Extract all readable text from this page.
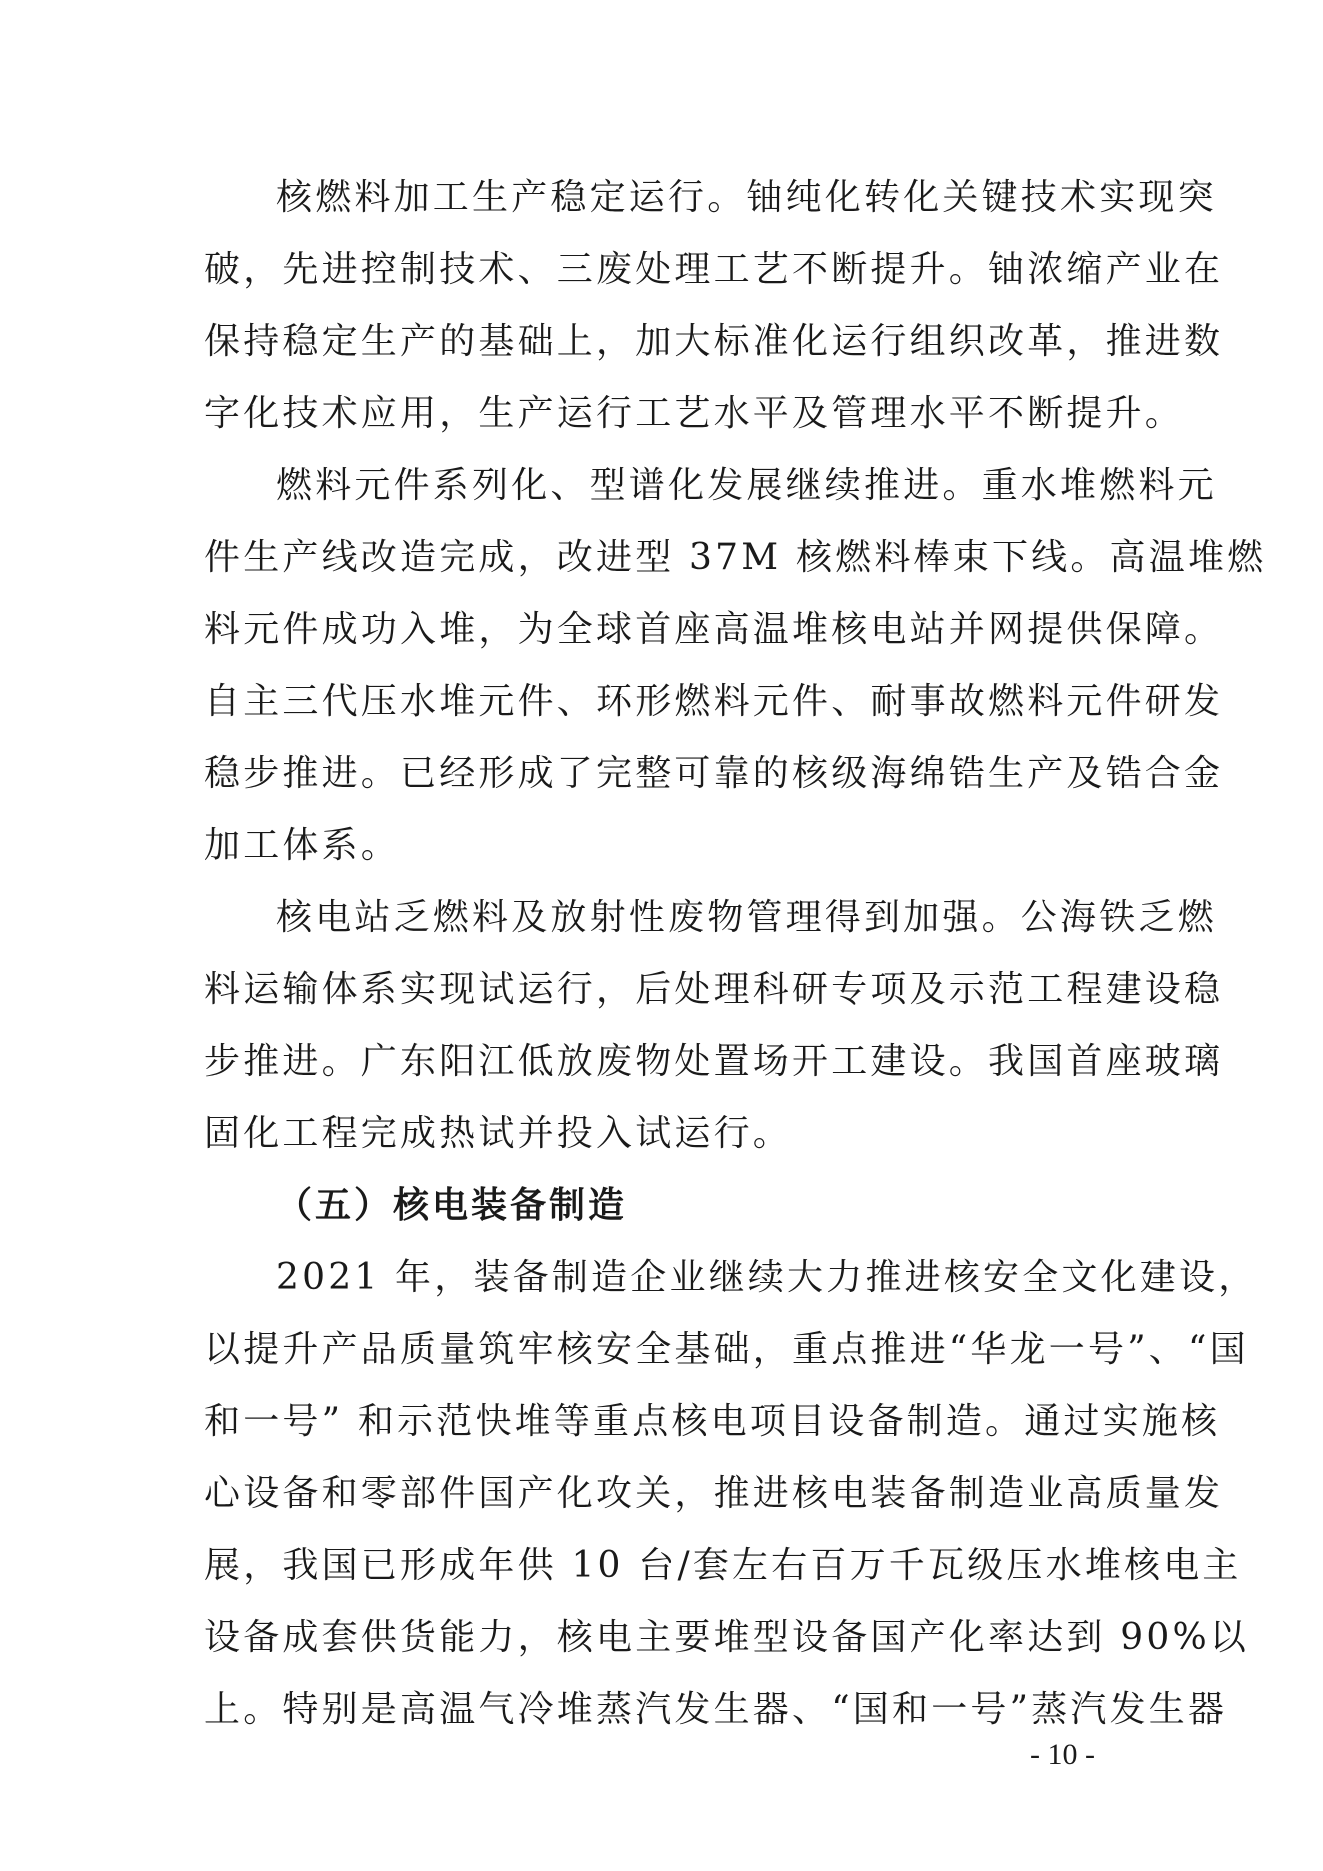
核燃料加工生产稳定运行。铀纯化转化关键技术实现突
破，先进控制技术、三废处理工艺不断提升。铀浓缩产业在
保持稳定生产的基础上，加大标准化运行组织改革，推进数
字化技术应用，生产运行工艺水平及管理水平不断提升。
燃料元件系列化、型谱化发展继续推进。重水堆燃料元
件生产线改造完成，改进型 37M 核燃料棒束下线。高温堆燃
料元件成功入堆，为全球首座高温堆核电站并网提供保障。
自主三代压水堆元件、环形燃料元件、耐事故燃料元件研发
稳步推进。已经形成了完整可靠的核级海绵锆生产及锆合金
加工体系。
核电站乏燃料及放射性废物管理得到加强。公海铁乏燃
料运输体系实现试运行，后处理科研专项及示范工程建设稳
步推进。广东阳江低放废物处置场开工建设。我国首座玻璃
固化工程完成热试并投入试运行。
（五）核电装备制造
2021 年，装备制造企业继续大力推进核安全文化建设，
以提升产品质量筑牢核安全基础，重点推进“华龙一号”、“国
和一号” 和示范快堆等重点核电项目设备制造。通过实施核
心设备和零部件国产化攻关，推进核电装备制造业高质量发
展，我国已形成年供 10 台/套左右百万千瓦级压水堆核电主
设备成套供货能力，核电主要堆型设备国产化率达到 90%以
上。特别是高温气冷堆蒸汽发生器、“国和一号”蒸汽发生器
- 10 -
